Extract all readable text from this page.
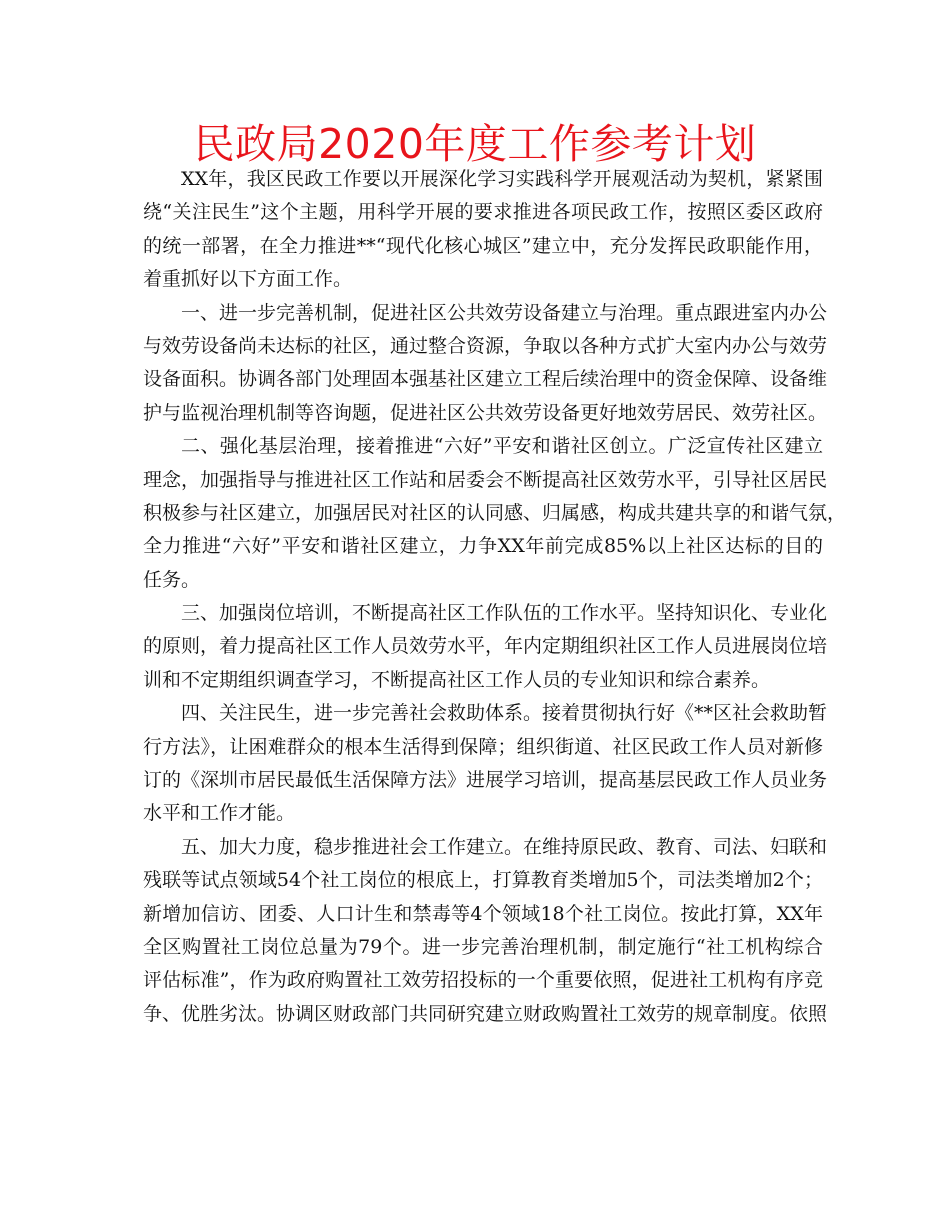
民政局2020年度工作参考计划
XX年，我区民政工作要以开展深化学习实践科学开展观活动为契机，紧紧围
绕“关注民生”这个主题，用科学开展的要求推进各项民政工作，按照区委区政府
的统一部署，在全力推进**“现代化核心城区”建立中，充分发挥民政职能作用，
着重抓好以下方面工作。
一、进一步完善机制，促进社区公共效劳设备建立与治理。重点跟进室内办公
与效劳设备尚未达标的社区，通过整合资源，争取以各种方式扩大室内办公与效劳
设备面积。协调各部门处理固本强基社区建立工程后续治理中的资金保障、设备维
护与监视治理机制等咨询题，促进社区公共效劳设备更好地效劳居民、效劳社区。
二、强化基层治理，接着推进“六好”平安和谐社区创立。广泛宣传社区建立
理念，加强指导与推进社区工作站和居委会不断提高社区效劳水平，引导社区居民
积极参与社区建立，加强居民对社区的认同感、归属感，构成共建共享的和谐气氛，
全力推进“六好”平安和谐社区建立，力争XX年前完成85%以上社区达标的目的
任务。
三、加强岗位培训，不断提高社区工作队伍的工作水平。坚持知识化、专业化
的原则，着力提高社区工作人员效劳水平，年内定期组织社区工作人员进展岗位培
训和不定期组织调查学习，不断提高社区工作人员的专业知识和综合素养。
四、关注民生，进一步完善社会救助体系。接着贯彻执行好《**区社会救助暂
行方法》，让困难群众的根本生活得到保障；组织街道、社区民政工作人员对新修
订的《深圳市居民最低生活保障方法》进展学习培训，提高基层民政工作人员业务
水平和工作才能。
五、加大力度，稳步推进社会工作建立。在维持原民政、教育、司法、妇联和
残联等试点领域54个社工岗位的根底上，打算教育类增加5个，司法类增加2个；
新增加信访、团委、人口计生和禁毒等4个领域18个社工岗位。按此打算，XX年
全区购置社工岗位总量为79个。进一步完善治理机制，制定施行“社工机构综合
评估标准”，作为政府购置社工效劳招投标的一个重要依照，促进社工机构有序竞
争、优胜劣汰。协调区财政部门共同研究建立财政购置社工效劳的规章制度。依照
